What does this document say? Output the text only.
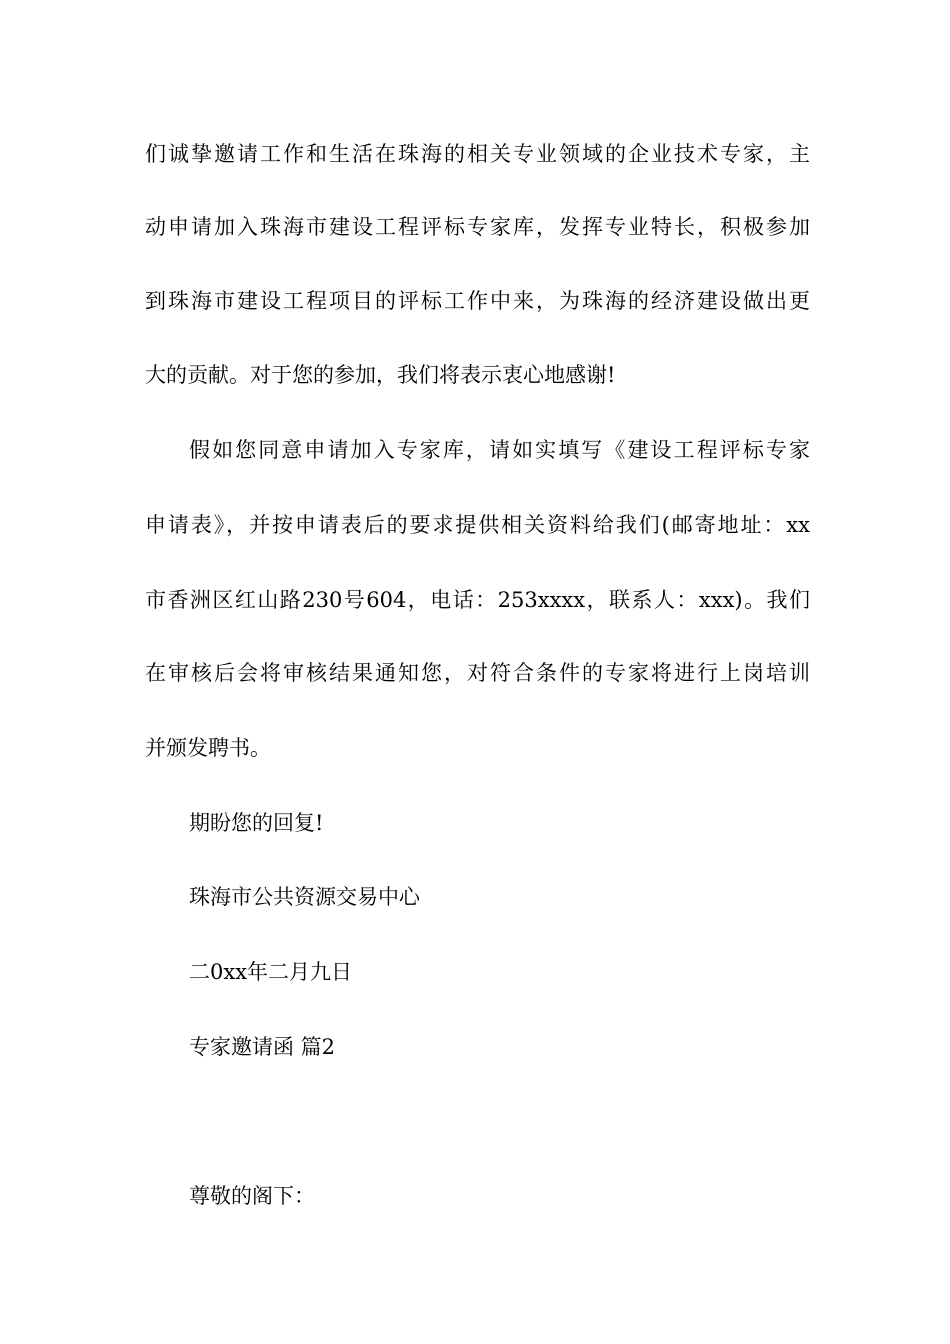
们诚挚邀请工作和生活在珠海的相关专业领域的企业技术专家，主
动申请加入珠海市建设工程评标专家库，发挥专业特长，积极参加
到珠海市建设工程项目的评标工作中来，为珠海的经济建设做出更
大的贡献。对于您的参加，我们将表示衷心地感谢!
假如您同意申请加入专家库，请如实填写《建设工程评标专家
申请表》，并按申请表后的要求提供相关资料给我们(邮寄地址：xx
市香洲区红山路230号604，电话：253xxxx，联系人：xxx)。我们
在审核后会将审核结果通知您，对符合条件的专家将进行上岗培训
并颁发聘书。
期盼您的回复!
珠海市公共资源交易中心
二0xx年二月九日
专家邀请函 篇2
尊敬的阁下：
